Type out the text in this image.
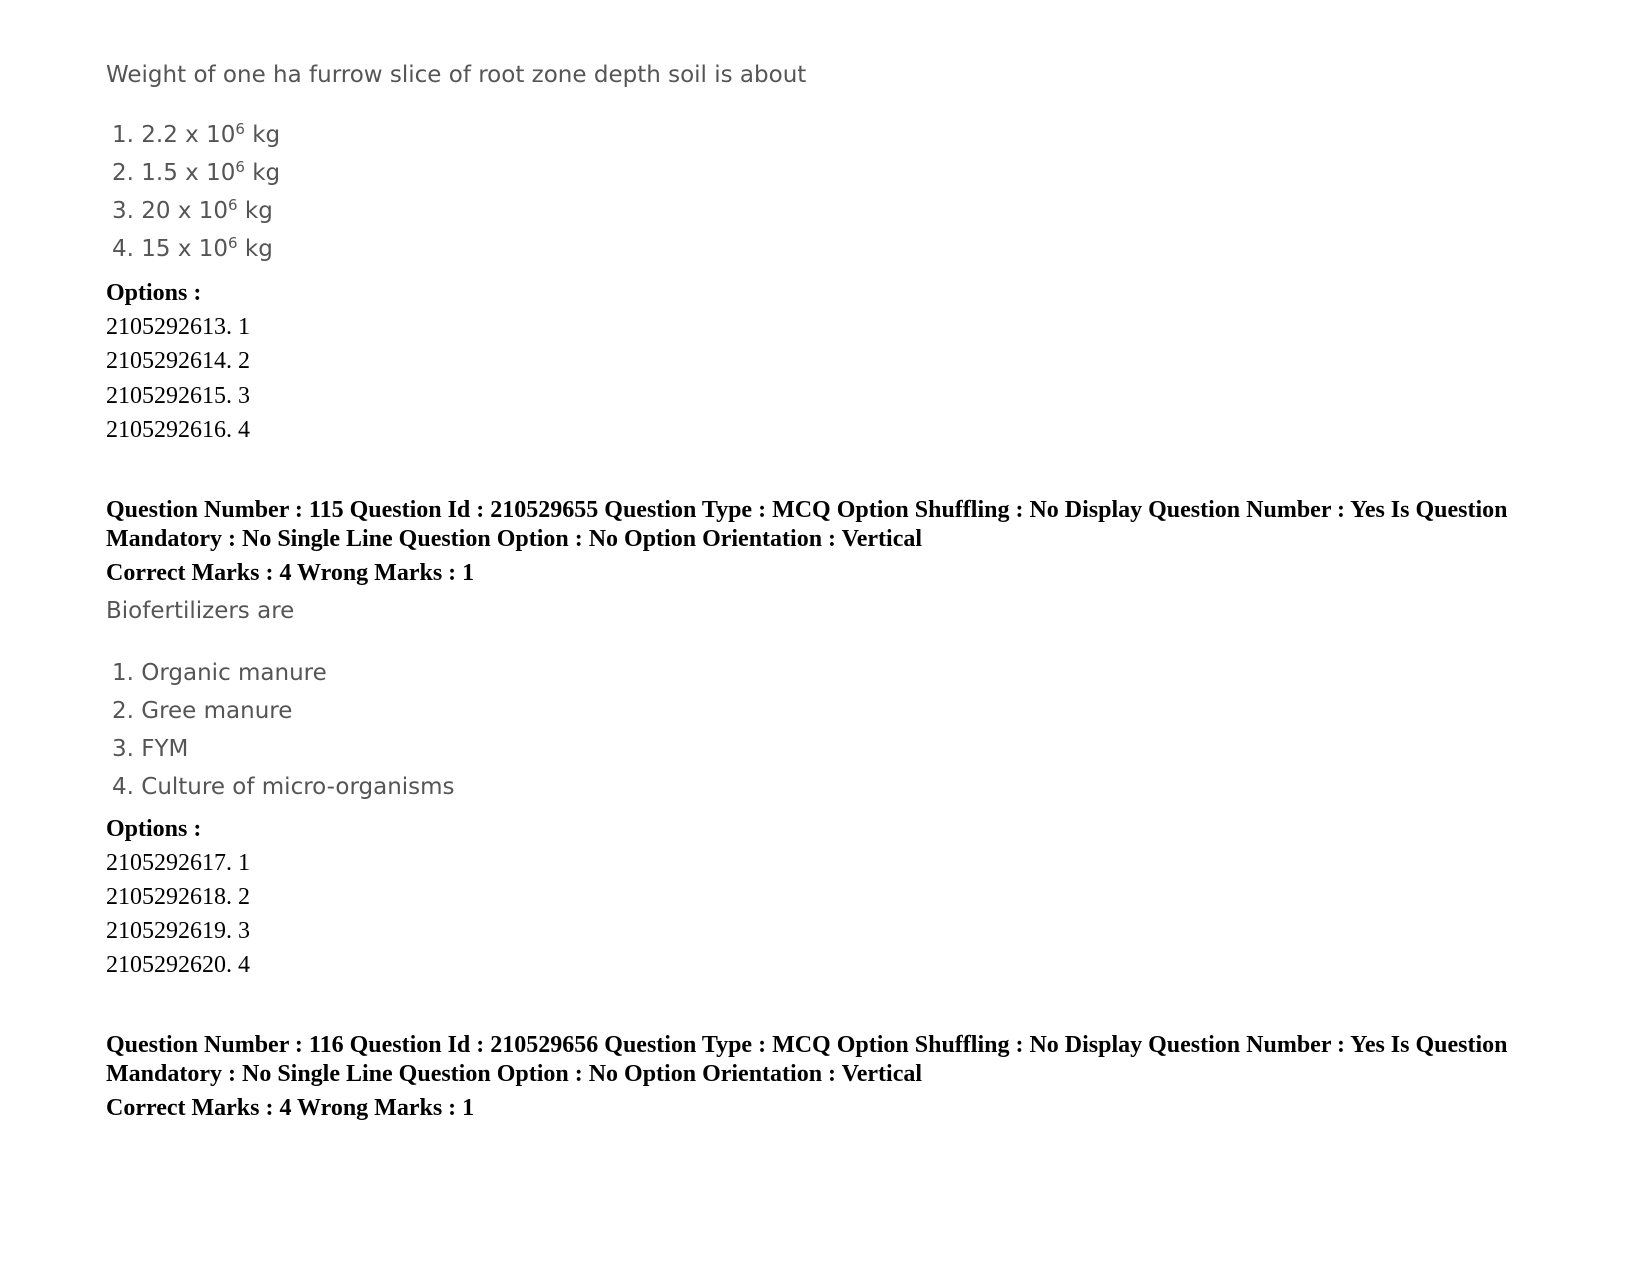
Weight of one ha furrow slice of root zone depth soil is about
1. 2.2 x $10^6$ kg
2. 1.5 x $10^6$ kg
3. 20 x $10^6$ kg
4. 15 x $10^6$ kg
Options :
2105292613. 1
2105292614. 2
2105292615. 3
2105292616. 4
Question Number : 115 Question Id : 210529655 Question Type : MCQ Option Shuffling : No Display Question Number : Yes Is Question Mandatory : No Single Line Question Option : No Option Orientation : Vertical
Correct Marks : 4 Wrong Marks : 1
Biofertilizers are
1. Organic manure
2. Gree manure
3. FYM
4. Culture of micro-organisms
Options :
2105292617. 1
2105292618. 2
2105292619. 3
2105292620. 4
Question Number : 116 Question Id : 210529656 Question Type : MCQ Option Shuffling : No Display Question Number : Yes Is Question Mandatory : No Single Line Question Option : No Option Orientation : Vertical
Correct Marks : 4 Wrong Marks : 1
